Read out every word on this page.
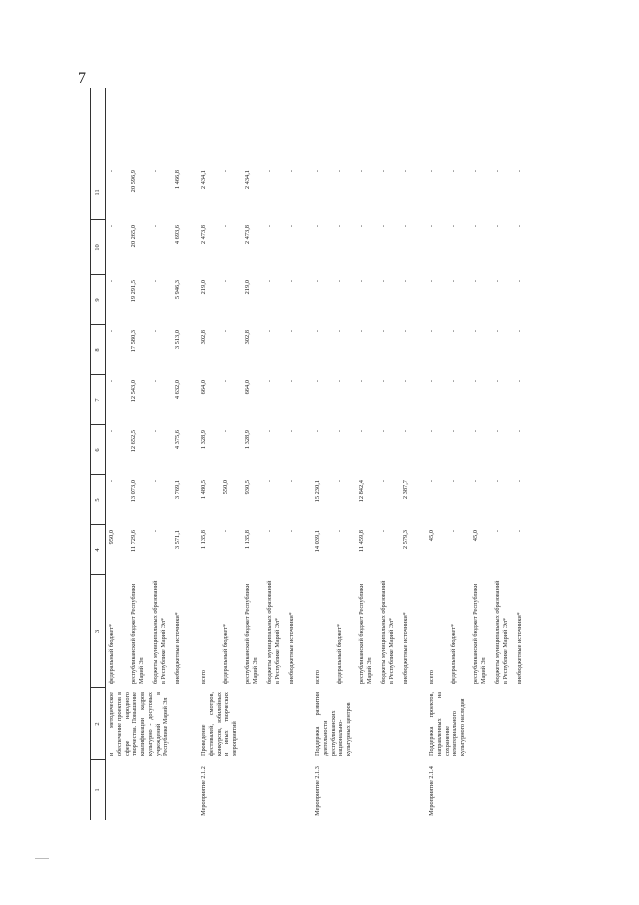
7
1
2
3
4
5
6
7
8
9
10
11
и методическое обеспечение проектов в сфере народного творчества. Повышение квалификации кадров культурно - досуговых учреждений в Республике Марий Эл
федеральный бюджет*
950,0
-
-
-
-
-
-
-
республиканский бюджет Республики Марий Эл
11 729,6
13 073,0
12 652,5
12 543,0
17 580,3
19 291,5
20 265,0
20 596,9
бюджеты муниципальных образований в Республике Марий Эл*
-
-
-
-
-
-
-
-
внебюджетные источники*
3 571,1
3 769,1
4 375,6
4 632,0
3 513,0
5 946,3
4 693,6
1 466,8
Мероприятие 2.1.2
Проведение фестивалей, смотров, конкурсов, юбилейных и иных творческих мероприятий
всего
1 135,8
1 480,5
1 328,9
664,0
302,8
219,0
2 473,8
2 434,1
федеральный бюджет*
-
550,0
-
-
-
-
-
-
республиканский бюджет Республики Марий Эл
1 135,8
930,5
1 328,9
664,0
302,8
219,0
2 473,8
2 434,1
бюджеты муниципальных образований в Республике Марий Эл*
-
-
-
-
-
-
-
-
внебюджетные источники*
-
-
-
-
-
-
-
-
Мероприятие 2.1.3
Поддержка развития деятельности республиканских национально-культурных центров
всего
14 039,1
15 230,1
-
-
-
-
-
-
федеральный бюджет*
-
-
-
-
-
-
-
-
республиканский бюджет Республики Марий Эл
11 459,8
12 842,4
-
-
-
-
-
-
бюджеты муниципальных образований в Республике Марий Эл*
-
-
-
-
-
-
-
-
внебюджетные источники*
2 579,3
2 387,7
-
-
-
-
-
-
Мероприятие 2.1.4
Поддержка проектов, направленных на сохранение нематериального культурного наследия
всего
45,0
-
-
-
-
-
-
-
федеральный бюджет*
-
-
-
-
-
-
-
-
республиканский бюджет Республики Марий Эл
45,0
-
-
-
-
-
-
-
бюджеты муниципальных образований в Республике Марий Эл*
-
-
-
-
-
-
-
-
внебюджетные источники*
-
-
-
-
-
-
-
-
